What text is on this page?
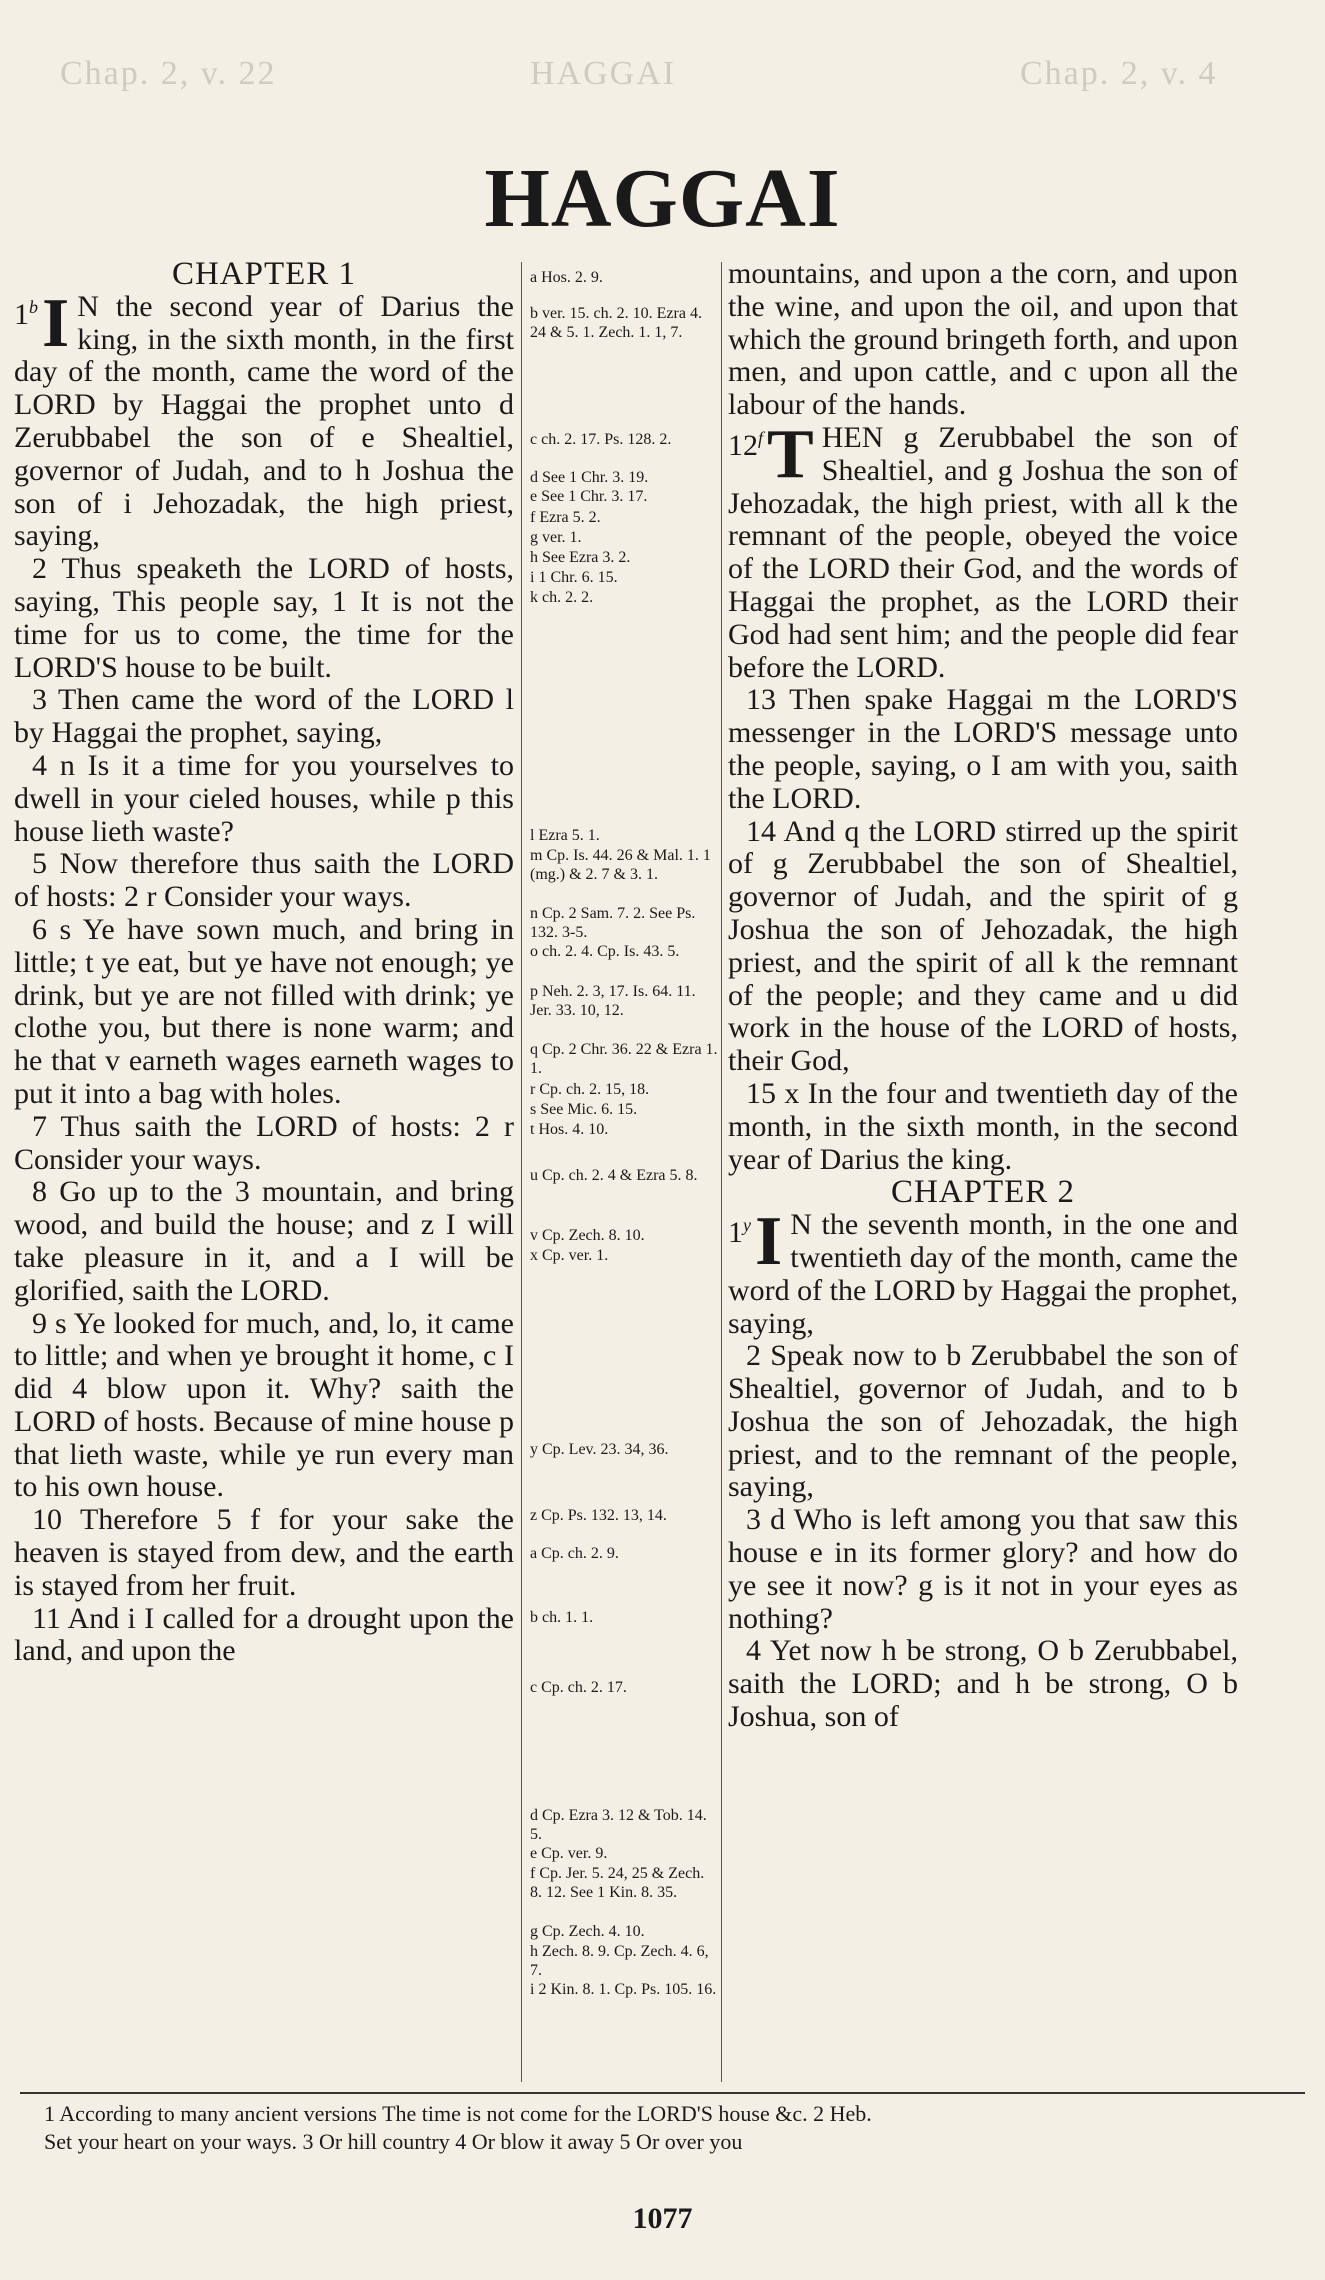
Chap. 2, v. 22	HAGGAI	Chap. 2, v. 4
HAGGAI

CHAPTER 1

1$^b$ I N the second year of Darius the king, in the sixth month, in the first day of the month, came the word of the LORD by Haggai the prophet unto d Zerubbabel the son of e Shealtiel, governor of Judah, and to h Joshua the son of i Jehozadak, the high priest, saying,

2 Thus speaketh the LORD of hosts, saying, This people say, 1 It is not the time for us to come, the time for the LORD'S house to be built.

3 Then came the word of the LORD l by Haggai the prophet, saying,

4 n Is it a time for you yourselves to dwell in your cieled houses, while p this house lieth waste?

5 Now therefore thus saith the LORD of hosts: 2 r Consider your ways.

6 s Ye have sown much, and bring in little; t ye eat, but ye have not enough; ye drink, but ye are not filled with drink; ye clothe you, but there is none warm; and he that v earneth wages earneth wages to put it into a bag with holes.

7 Thus saith the LORD of hosts: 2 r Consider your ways.

8 Go up to the 3 mountain, and bring wood, and build the house; and z I will take pleasure in it, and a I will be glorified, saith the LORD.

9 s Ye looked for much, and, lo, it came to little; and when ye brought it home, c I did 4 blow upon it. Why? saith the LORD of hosts. Because of mine house p that lieth waste, while ye run every man to his own house.

10 Therefore 5 f for your sake the heaven is stayed from dew, and the earth is stayed from her fruit.

11 And i I called for a drought upon the land, and upon the

a Hos. 2. 9.
b ver. 15. ch. 2. 10. Ezra 4. 24 & 5. 1. Zech. 1. 1, 7.
c ch. 2. 17. Ps. 128. 2.
d See 1 Chr. 3. 19.
e See 1 Chr. 3. 17.
f Ezra 5. 2.
g ver. 1.
h See Ezra 3. 2.
i 1 Chr. 6. 15.
k ch. 2. 2.
l Ezra 5. 1.
m Cp. Is. 44. 26 & Mal. 1. 1 (mg.) & 2. 7 & 3. 1.
n Cp. 2 Sam. 7. 2. See Ps. 132. 3-5.
o ch. 2. 4. Cp. Is. 43. 5.
p Neh. 2. 3, 17. Is. 64. 11. Jer. 33. 10, 12.
q Cp. 2 Chr. 36. 22 & Ezra 1. 1.
r Cp. ch. 2. 15, 18.
s See Mic. 6. 15.
t Hos. 4. 10.
u Cp. ch. 2. 4 & Ezra 5. 8.
v Cp. Zech. 8. 10.
x Cp. ver. 1.
y Cp. Lev. 23. 34, 36.
z Cp. Ps. 132. 13, 14.
a Cp. ch. 2. 9.
b ch. 1. 1.
c Cp. ch. 2. 17.
d Cp. Ezra 3. 12 & Tob. 14. 5.
e Cp. ver. 9.
f Cp. Jer. 5. 24, 25 & Zech. 8. 12. See 1 Kin. 8. 35.
g Cp. Zech. 4. 10.
h Zech. 8. 9. Cp. Zech. 4. 6, 7.
i 2 Kin. 8. 1. Cp. Ps. 105. 16.

mountains, and upon a the corn, and upon the wine, and upon the oil, and upon that which the ground bringeth forth, and upon men, and upon cattle, and c upon all the labour of the hands.

12$^f$ T HEN g Zerubbabel the son of Shealtiel, and g Joshua the son of Jehozadak, the high priest, with all k the remnant of the people, obeyed the voice of the LORD their God, and the words of Haggai the prophet, as the LORD their God had sent him; and the people did fear before the LORD.

13 Then spake Haggai m the LORD'S messenger in the LORD'S message unto the people, saying, o I am with you, saith the LORD.

14 And q the LORD stirred up the spirit of g Zerubbabel the son of Shealtiel, governor of Judah, and the spirit of g Joshua the son of Jehozadak, the high priest, and the spirit of all k the remnant of the people; and they came and u did work in the house of the LORD of hosts, their God,

15 x In the four and twentieth day of the month, in the sixth month, in the second year of Darius the king.

CHAPTER 2

1$^y$ I N the seventh month, in the one and twentieth day of the month, came the word of the LORD by Haggai the prophet, saying,

2 Speak now to b Zerubbabel the son of Shealtiel, governor of Judah, and to b Joshua the son of Jehozadak, the high priest, and to the remnant of the people, saying,

3 d Who is left among you that saw this house e in its former glory? and how do ye see it now? g is it not in your eyes as nothing?

4 Yet now h be strong, O b Zerubbabel, saith the LORD; and h be strong, O b Joshua, son of

1 According to many ancient versions The time is not come for the LORD'S house &c. 2 Heb.
Set your heart on your ways. 3 Or hill country 4 Or blow it away 5 Or over you
1077
